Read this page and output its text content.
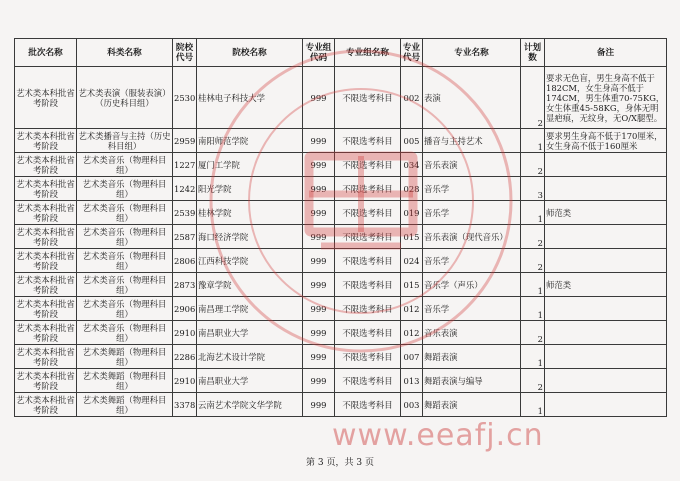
批次名称	科类名称	院校代号	院校名称	专业组代码	专业组名称	专业代号	专业名称	计划数	备注
艺术类本科批省考阶段	艺术类表演（服装表演）（历史科目组）	2530	桂林电子科技大学	999	不限选考科目	002	表演	2	要求无色盲，男生身高不低于182CM，女生身高不低于174CM，男生体重70-75KG，女生体重45-58KG，身体无明显疤痕，无纹身，无O/X腿型。
艺术类本科批省考阶段	艺术类播音与主持（历史科目组）	2959	南阳师范学院	999	不限选考科目	005	播音与主持艺术	1	要求男生身高不低于170厘米，女生身高不低于160厘米
艺术类本科批省考阶段	艺术类音乐（物理科目组）	1227	厦门工学院	999	不限选考科目	034	音乐表演	2	
艺术类本科批省考阶段	艺术类音乐（物理科目组）	1242	阳光学院	999	不限选考科目	028	音乐学	3	
艺术类本科批省考阶段	艺术类音乐（物理科目组）	2539	桂林学院	999	不限选考科目	019	音乐学	1	师范类
艺术类本科批省考阶段	艺术类音乐（物理科目组）	2587	海口经济学院	999	不限选考科目	015	音乐表演（现代音乐）	2	
艺术类本科批省考阶段	艺术类音乐（物理科目组）	2806	江西科技学院	999	不限选考科目	024	音乐学	2	
艺术类本科批省考阶段	艺术类音乐（物理科目组）	2873	豫章学院	999	不限选考科目	015	音乐学（声乐）	1	师范类
艺术类本科批省考阶段	艺术类音乐（物理科目组）	2906	南昌理工学院	999	不限选考科目	012	音乐学	1	
艺术类本科批省考阶段	艺术类音乐（物理科目组）	2910	南昌职业大学	999	不限选考科目	012	音乐表演	2	
艺术类本科批省考阶段	艺术类舞蹈（物理科目组）	2286	北海艺术设计学院	999	不限选考科目	007	舞蹈表演	1	
艺术类本科批省考阶段	艺术类舞蹈（物理科目组）	2910	南昌职业大学	999	不限选考科目	013	舞蹈表演与编导	2	
艺术类本科批省考阶段	艺术类舞蹈（物理科目组）	3378	云南艺术学院文华学院	999	不限选考科目	003	舞蹈表演	1	
www.eeafj.cn
第 3 页，共 3 页
